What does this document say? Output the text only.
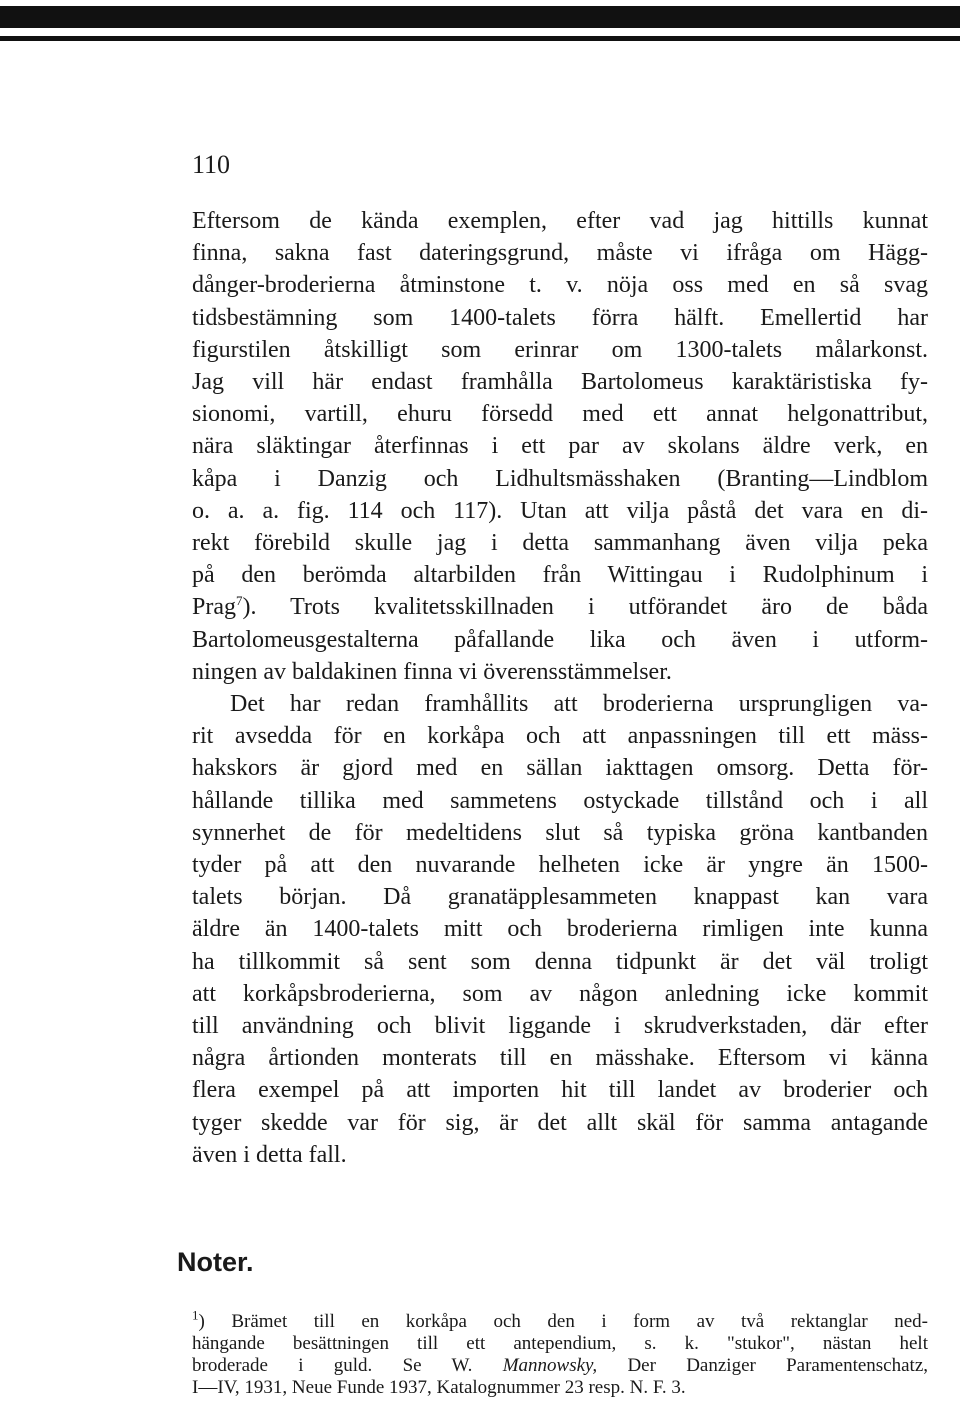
110
Eftersom de kända exemplen, efter vad jag hittills kunnat
finna, sakna fast dateringsgrund, måste vi ifråga om Hägg-
dånger-broderierna åtminstone t. v. nöja oss med en så svag
tidsbestämning som 1400-talets förra hälft. Emellertid har
figurstilen åtskilligt som erinrar om 1300-talets målarkonst.
Jag vill här endast framhålla Bartolomeus karaktäristiska fy-
sionomi, vartill, ehuru försedd med ett annat helgonattribut,
nära släktingar återfinnas i ett par av skolans äldre verk, en
kåpa i Danzig och Lidhultsmässhaken (Branting—Lindblom
o. a. a. fig. 114 och 117). Utan att vilja påstå det vara en di-
rekt förebild skulle jag i detta sammanhang även vilja peka
på den berömda altarbilden från Wittingau i Rudolphinum i
Prag$^7$). Trots kvalitetsskillnaden i utförandet äro de båda
Bartolomeusgestalterna påfallande lika och även i utform-
ningen av baldakinen finna vi överensstämmelser.
Det har redan framhållits att broderierna ursprungligen va-
rit avsedda för en korkåpa och att anpassningen till ett mäss-
hakskors är gjord med en sällan iakttagen omsorg. Detta för-
hållande tillika med sammetens ostyckade tillstånd och i all
synnerhet de för medeltidens slut så typiska gröna kantbanden
tyder på att den nuvarande helheten icke är yngre än 1500-
talets början. Då granatäpplesammeten knappast kan vara
äldre än 1400-talets mitt och broderierna rimligen inte kunna
ha tillkommit så sent som denna tidpunkt är det väl troligt
att korkåpsbroderierna, som av någon anledning icke kommit
till användning och blivit liggande i skrudverkstaden, där efter
några årtionden monterats till en mässhake. Eftersom vi känna
flera exempel på att importen hit till landet av broderier och
tyger skedde var för sig, är det allt skäl för samma antagande
även i detta fall.
Noter.
$^1$) Brämet till en korkåpa och den i form av två rektanglar ned-
hängande besättningen till ett antependium, s. k. "stukor", nästan helt
broderade i guld. Se W. Mannowsky, Der Danziger Paramentenschatz,
I—IV, 1931, Neue Funde 1937, Katalognummer 23 resp. N. F. 3.
